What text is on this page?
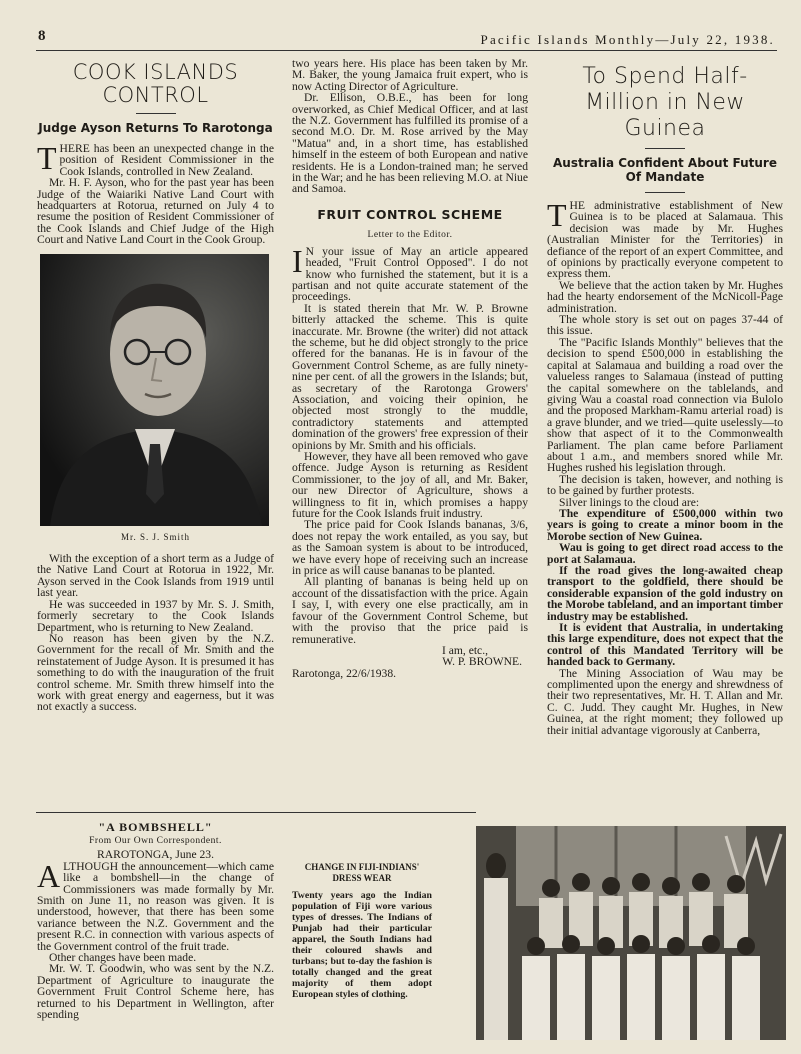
8	Pacific Islands Monthly—July 22, 1938.
COOK ISLANDS CONTROL
Judge Ayson Returns To Rarotonga

THERE has been an unexpected change in the position of Resident Commissioner in the Cook Islands, controlled in New Zealand.

Mr. H. F. Ayson, who for the past year has been Judge of the Waiariki Native Land Court with headquarters at Rotorua, returned on July 4 to resume the position of Resident Commissioner of the Cook Islands and Chief Judge of the High Court and Native Land Court in the Cook Group.

Mr. S. J. Smith

With the exception of a short term as a Judge of the Native Land Court at Rotorua in 1922, Mr. Ayson served in the Cook Islands from 1919 until last year.

He was succeeded in 1937 by Mr. S. J. Smith, formerly secretary to the Cook Islands Department, who is returning to New Zealand.

No reason has been given by the N.Z. Government for the recall of Mr. Smith and the reinstatement of Judge Ayson. It is presumed it has something to do with the inauguration of the fruit control scheme. Mr. Smith threw himself into the work with great energy and eagerness, but it was not exactly a success.

two years here. His place has been taken by Mr. M. Baker, the young Jamaica fruit expert, who is now Acting Director of Agriculture.

Dr. Ellison, O.B.E., has been for long overworked, as Chief Medical Officer, and at last the N.Z. Government has fulfilled its promise of a second M.O. Dr. M. Rose arrived by the May "Matua" and, in a short time, has established himself in the esteem of both European and native residents. He is a London-trained man; he served in the War; and he has been relieving M.O. at Niue and Samoa.

FRUIT CONTROL SCHEME
Letter to the Editor.

I N your issue of May an article appeared headed, "Fruit Control Opposed". I do not know who furnished the statement, but it is a partisan and not quite accurate statement of the proceedings.

It is stated therein that Mr. W. P. Browne bitterly attacked the scheme. This is quite inaccurate. Mr. Browne (the writer) did not attack the scheme, but he did object strongly to the price offered for the bananas. He is in favour of the Government Control Scheme, as are fully ninety-nine per cent. of all the growers in the Islands; but, as secretary of the Rarotonga Growers' Association, and voicing their opinion, he objected most strongly to the muddle, contradictory statements and attempted domination of the growers' free expression of their opinions by Mr. Smith and his officials.

However, they have all been removed who gave offence. Judge Ayson is returning as Resident Commissioner, to the joy of all, and Mr. Baker, our new Director of Agriculture, shows a willingness to fit in, which promises a happy future for the Cook Islands fruit industry.

The price paid for Cook Islands bananas, 3/6, does not repay the work entailed, as you say, but as the Samoan system is about to be introduced, we have every hope of receiving such an increase in price as will cause bananas to be planted.

All planting of bananas is being held up on account of the dissatisfaction with the price. Again I say, I, with every one else practically, am in favour of the Government Control Scheme, but with the proviso that the price paid is remunerative.

I am, etc.,

W. P. BROWNE.

Rarotonga, 22/6/1938.

To Spend Half-Million in New Guinea
Australia Confident About Future Of Mandate

THE administrative establishment of New Guinea is to be placed at Salamaua. This decision was made by Mr. Hughes (Australian Minister for the Territories) in defiance of the report of an expert Committee, and of opinions by practically everyone competent to express them.

We believe that the action taken by Mr. Hughes had the hearty endorsement of the McNicoll-Page administration.

The whole story is set out on pages 37-44 of this issue.

The "Pacific Islands Monthly" believes that the decision to spend £500,000 in establishing the capital at Salamaua and building a road over the valueless ranges to Salamaua (instead of putting the capital somewhere on the tablelands, and giving Wau a coastal road connection via Bulolo and the proposed Markham-Ramu arterial road) is a grave blunder, and we tried—quite uselessly—to show that aspect of it to the Commonwealth Parliament. The plan came before Parliament about 1 a.m., and members snored while Mr. Hughes rushed his legislation through.

The decision is taken, however, and nothing is to be gained by further protests.

Silver linings to the cloud are:

The expenditure of £500,000 within two years is going to create a minor boom in the Morobe section of New Guinea.

Wau is going to get direct road access to the port at Salamaua.

If the road gives the long-awaited cheap transport to the goldfield, there should be considerable expansion of the gold industry on the Morobe tableland, and an important timber industry may be established.

It is evident that Australia, in undertaking this large expenditure, does not expect that the control of this Mandated Territory will be handed back to Germany.

The Mining Association of Wau may be complimented upon the energy and shrewdness of their two representatives, Mr. H. T. Allan and Mr. C. C. Judd. They caught Mr. Hughes, in New Guinea, at the right moment; they followed up their initial advantage vigorously at Canberra,

"A BOMBSHELL"
From Our Own Correspondent.

RAROTONGA, June 23.

ALTHOUGH the announcement—which came like a bombshell—in the change of Commissioners was made formally by Mr. Smith on June 11, no reason was given. It is understood, however, that there has been some variance between the N.Z. Government and the present R.C. in connection with various aspects of the Government control of the fruit trade.

Other changes have been made.

Mr. W. T. Goodwin, who was sent by the N.Z. Department of Agriculture to inaugurate the Government Fruit Control Scheme here, has returned to his Department in Wellington, after spending

CHANGE IN FIJI-INDIANS' DRESS WEAR
Twenty years ago the Indian population of Fiji wore various types of dresses. The Indians of Punjab had their particular apparel, the South Indians had their coloured shawls and turbans; but to-day the fashion is totally changed and the great majority of them adopt European styles of clothing.
